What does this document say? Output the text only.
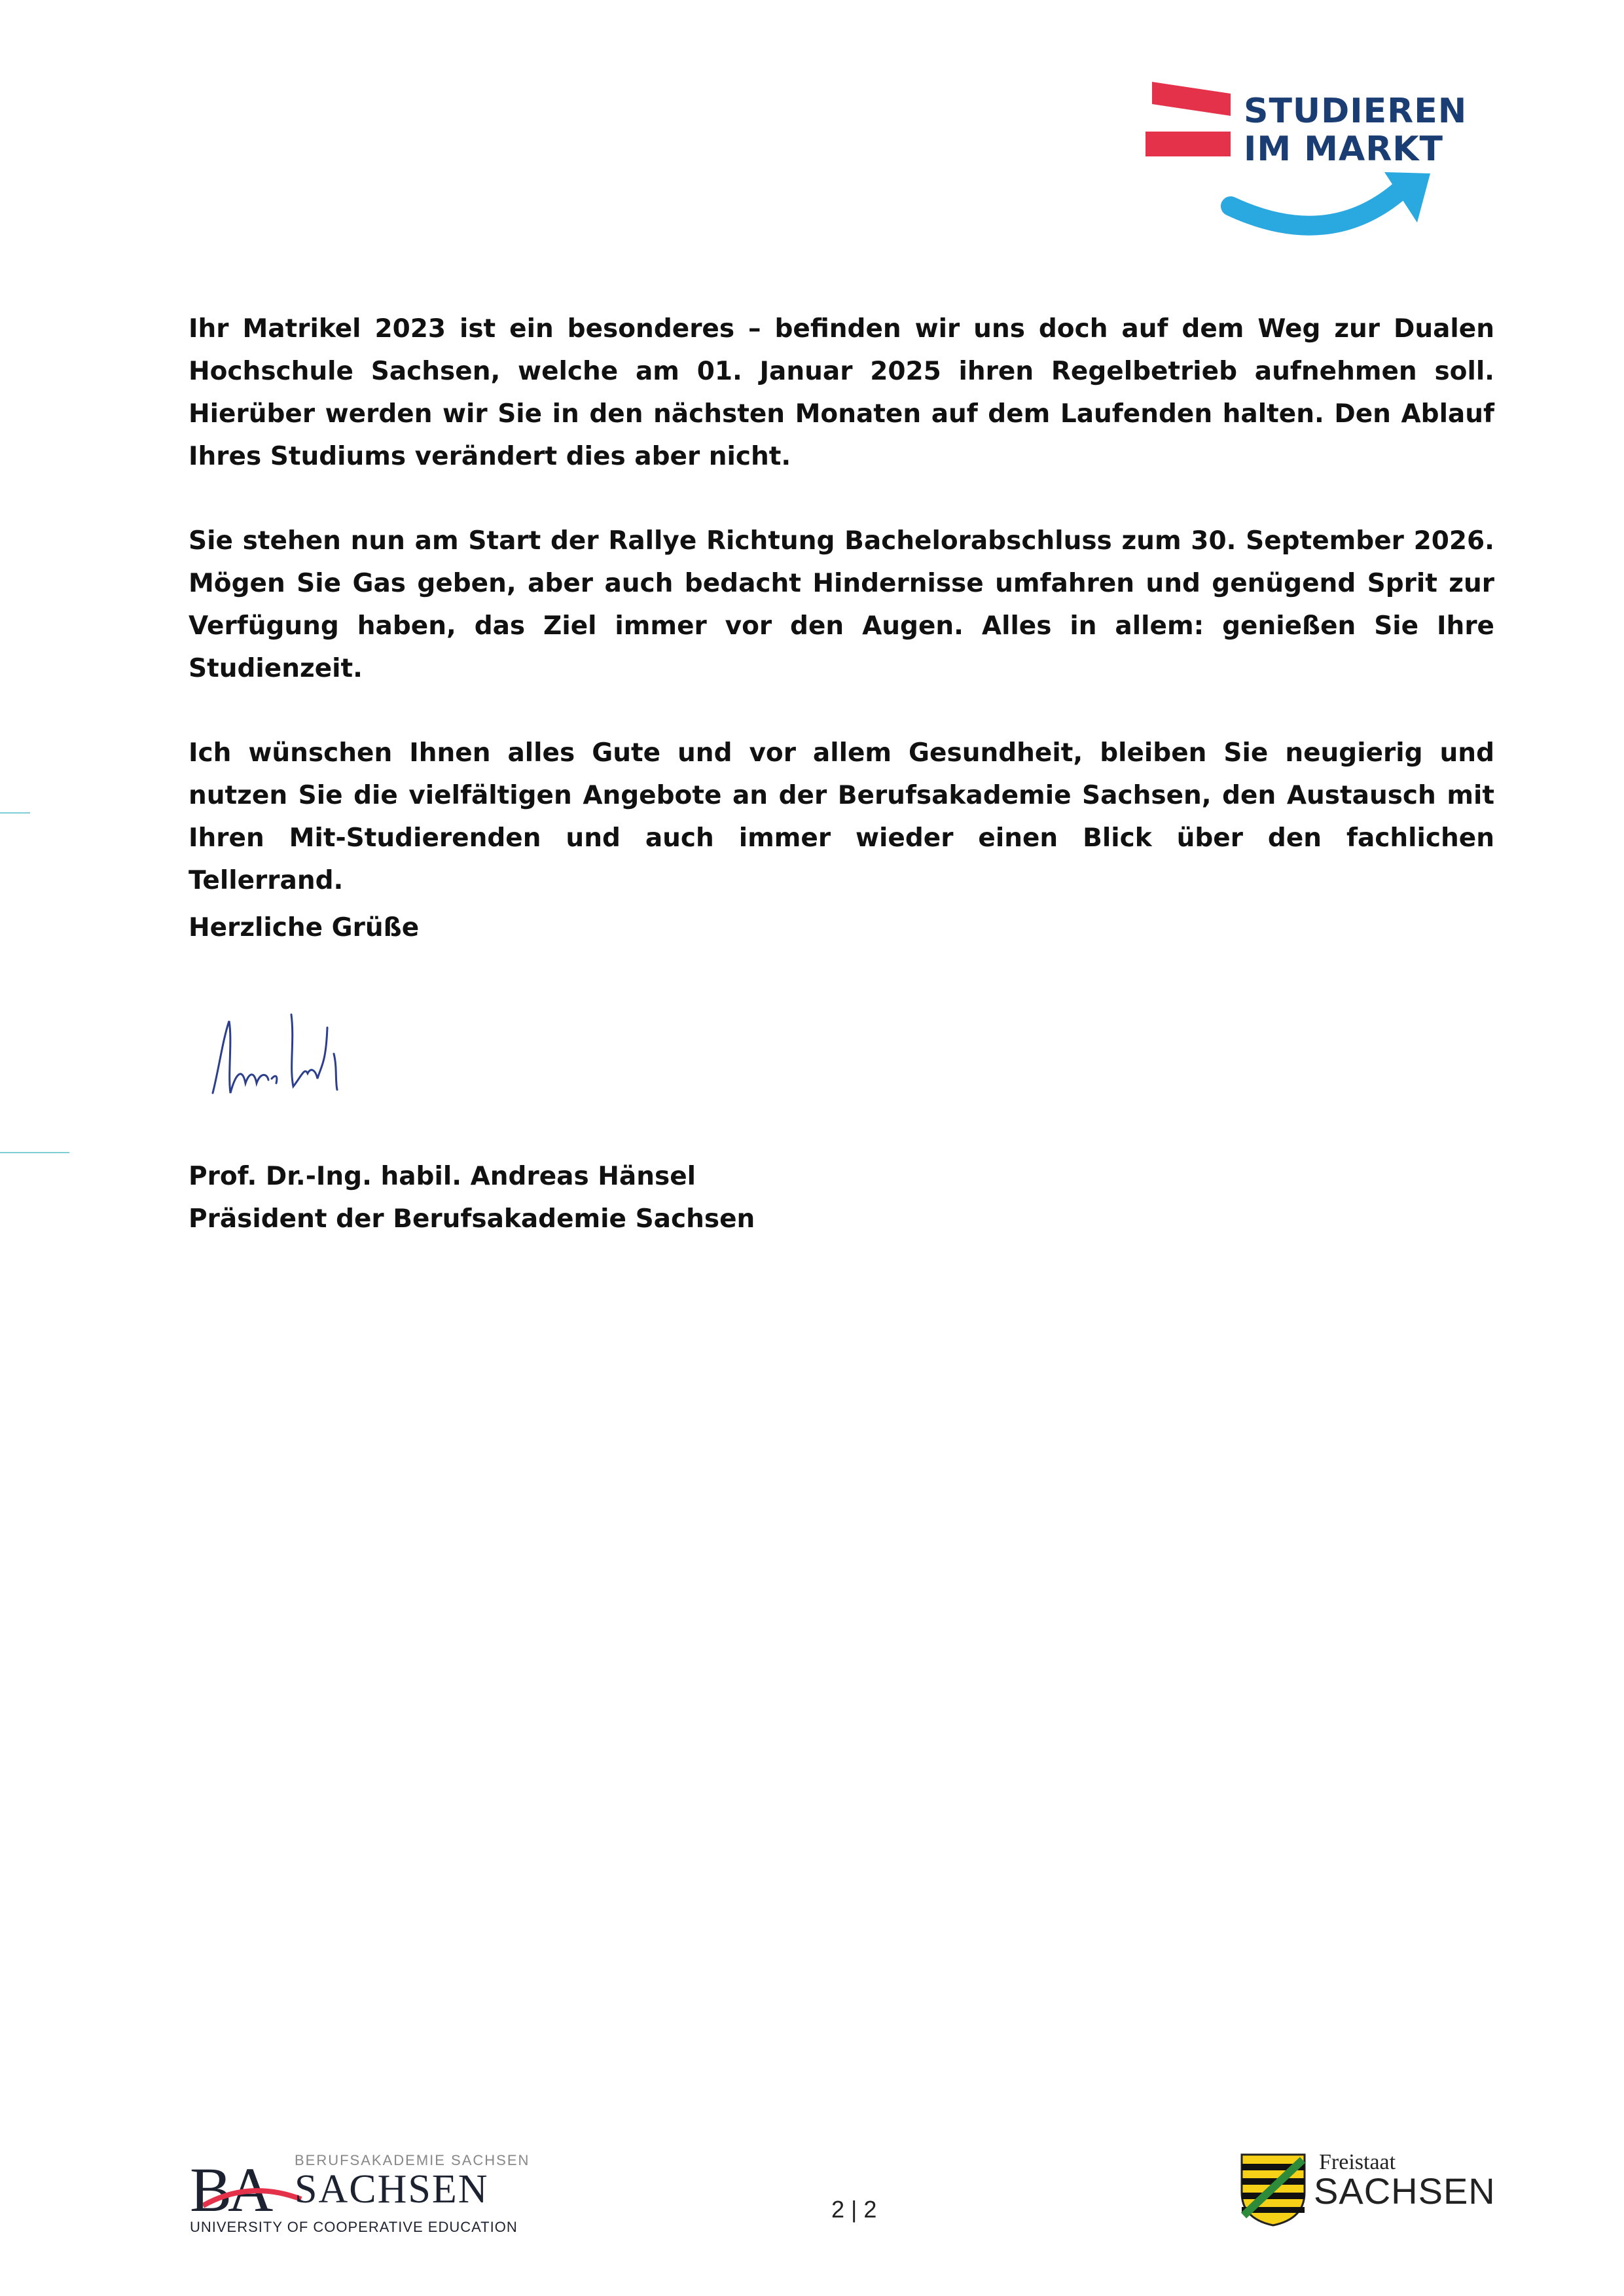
STUDIEREN
IM MARKT

Ihr Matrikel 2023 ist ein besonderes – befinden wir uns doch auf dem Weg zur Dualen Hochschule Sachsen, welche am 01. Januar 2025 ihren Regelbetrieb aufnehmen soll. Hierüber werden wir Sie in den nächsten Monaten auf dem Laufenden halten. Den Ablauf Ihres Studiums verändert dies aber nicht.

Sie stehen nun am Start der Rallye Richtung Bachelorabschluss zum 30. September 2026. Mögen Sie Gas geben, aber auch bedacht Hindernisse umfahren und genügend Sprit zur Verfügung haben, das Ziel immer vor den Augen. Alles in allem: genießen Sie Ihre Studienzeit.

Ich wünschen Ihnen alles Gute und vor allem Gesundheit, bleiben Sie neugierig und nutzen Sie die vielfältigen Angebote an der Berufsakademie Sachsen, den Austausch mit Ihren Mit-Studierenden und auch immer wieder einen Blick über den fachlichen Tellerrand.

Herzliche Grüße
Prof. Dr.-Ing. habil. Andreas Hänsel
Präsident der Berufsakademie Sachsen
BA BERUFSAKADEMIE SACHSEN
SACHSEN
UNIVERSITY OF COOPERATIVE EDUCATION
2 | 2
Freistaat
SACHSEN
